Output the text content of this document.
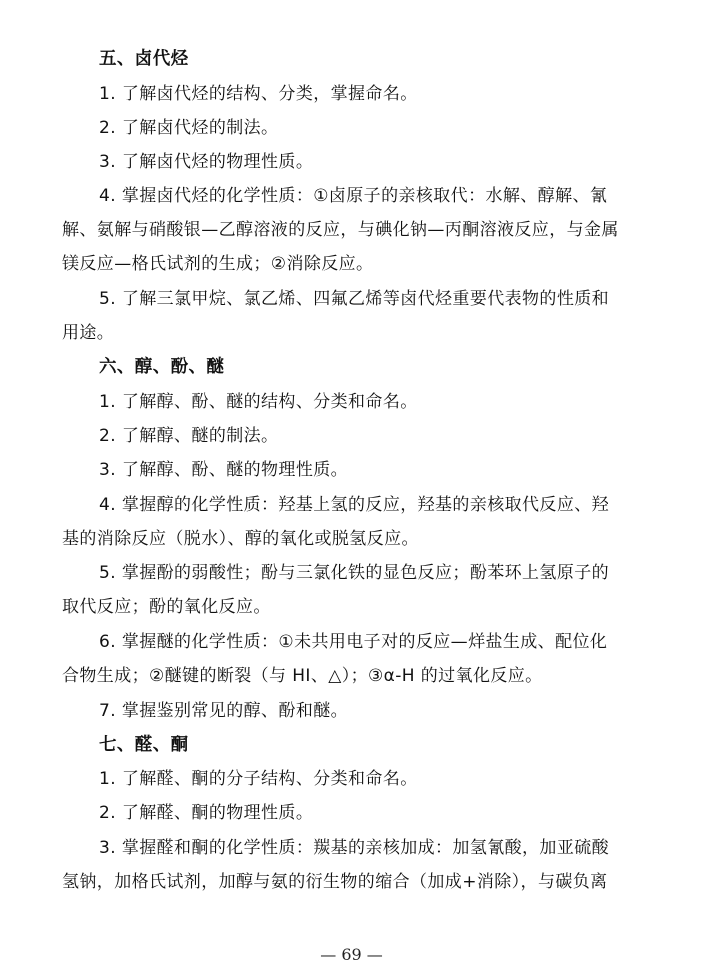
五、卤代烃
1. 了解卤代烃的结构、分类，掌握命名。
2. 了解卤代烃的制法。
3. 了解卤代烃的物理性质。
4. 掌握卤代烃的化学性质：①卤原子的亲核取代：水解、醇解、氰
解、氨解与硝酸银—乙醇溶液的反应，与碘化钠—丙酮溶液反应，与金属
镁反应—格氏试剂的生成；②消除反应。
5. 了解三氯甲烷、氯乙烯、四氟乙烯等卤代烃重要代表物的性质和
用途。
六、醇、酚、醚
1. 了解醇、酚、醚的结构、分类和命名。
2. 了解醇、醚的制法。
3. 了解醇、酚、醚的物理性质。
4. 掌握醇的化学性质：羟基上氢的反应，羟基的亲核取代反应、羟
基的消除反应（脱水）、醇的氧化或脱氢反应。
5. 掌握酚的弱酸性；酚与三氯化铁的显色反应；酚苯环上氢原子的
取代反应；酚的氧化反应。
6. 掌握醚的化学性质：①未共用电子对的反应—烊盐生成、配位化
合物生成；②醚键的断裂（与 HI、△）；③α-H 的过氧化反应。
7. 掌握鉴别常见的醇、酚和醚。
七、醛、酮
1. 了解醛、酮的分子结构、分类和命名。
2. 了解醛、酮的物理性质。
3. 掌握醛和酮的化学性质：羰基的亲核加成：加氢氰酸，加亚硫酸
氢钠，加格氏试剂，加醇与氨的衍生物的缩合（加成+消除），与碳负离
— 69 —
